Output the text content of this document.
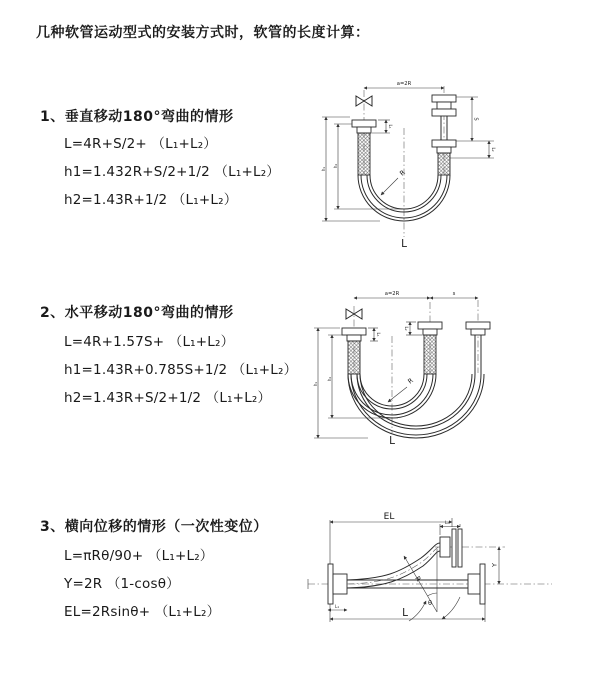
几种软管运动型式的安装方式时，软管的长度计算：
1、垂直移动180°弯曲的情形
L=4R+S/2+ （L₁+L₂）
h1=1.432R+S/2+1/2 （L₁+L₂）
h2=1.43R+1/2 （L₁+L₂）
a=2R
S
L₂
L₁
h₁
h₂
R
L
2、水平移动180°弯曲的情形
L=4R+1.57S+ （L₁+L₂）
h1=1.43R+0.785S+1/2 （L₁+L₂）
h2=1.43R+S/2+1/2 （L₁+L₂）
a=2R	s
h₁
h₂
L₁
L₂
R
L
3、横向位移的情形（一次性变位）
L=πRθ/90+ （L₁+L₂）
Y=2R （1-cosθ）
EL=2Rsinθ+ （L₁+L₂）
EL
L₂
Y
L
L₁
R
θ
